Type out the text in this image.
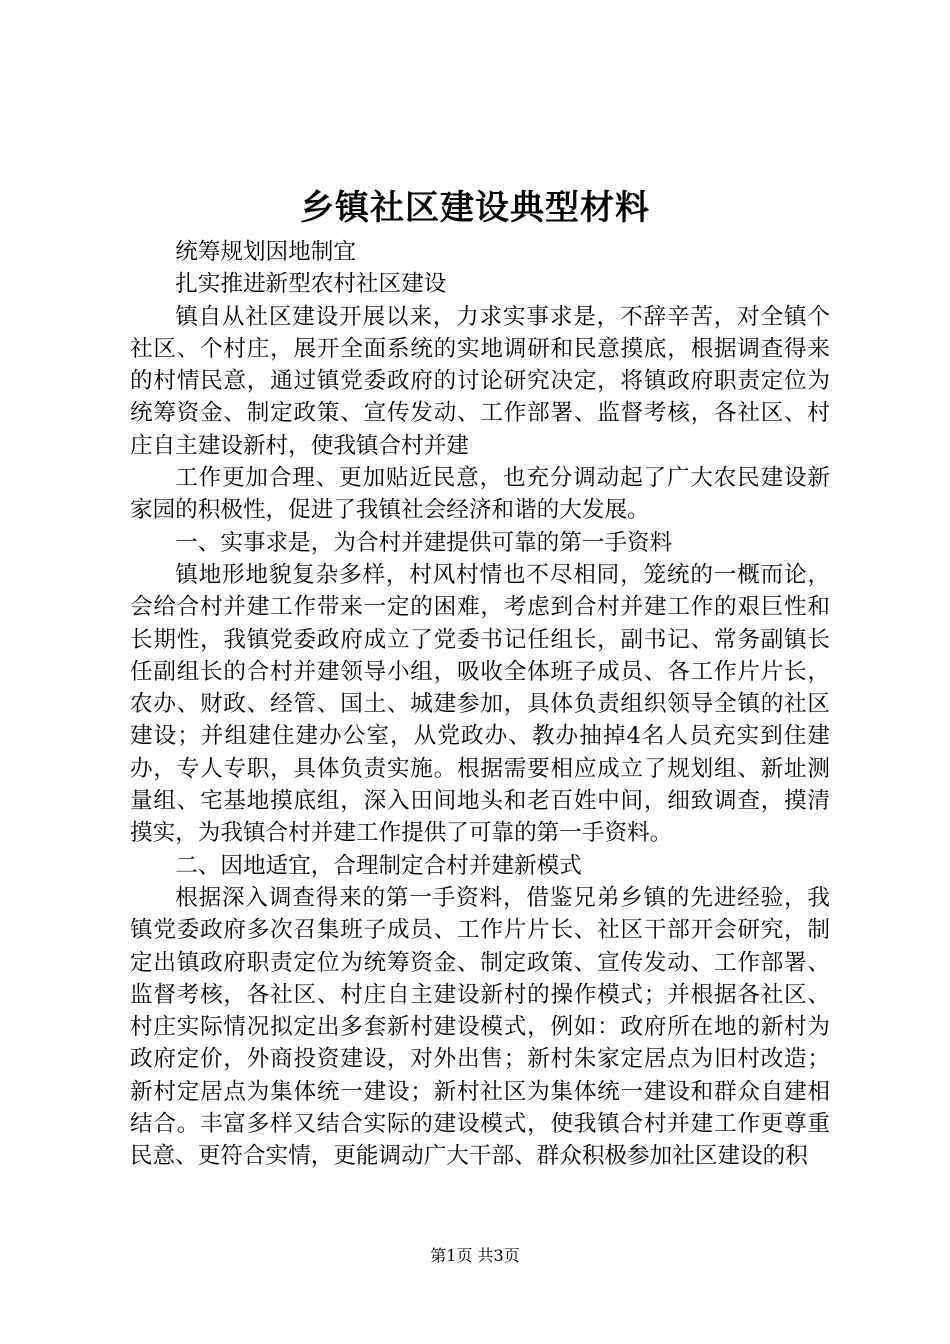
乡镇社区建设典型材料

统筹规划因地制宜

扎实推进新型农村社区建设

镇自从社区建设开展以来，力求实事求是，不辞辛苦，对全镇个社区、个村庄，展开全面系统的实地调研和民意摸底，根据调查得来的村情民意，通过镇党委政府的讨论研究决定，将镇政府职责定位为统筹资金、制定政策、宣传发动、工作部署、监督考核，各社区、村庄自主建设新村，使我镇合村并建

工作更加合理、更加贴近民意，也充分调动起了广大农民建设新家园的积极性，促进了我镇社会经济和谐的大发展。

一、实事求是，为合村并建提供可靠的第一手资料

镇地形地貌复杂多样，村风村情也不尽相同，笼统的一概而论，会给合村并建工作带来一定的困难，考虑到合村并建工作的艰巨性和长期性，我镇党委政府成立了党委书记任组长，副书记、常务副镇长任副组长的合村并建领导小组，吸收全体班子成员、各工作片片长，农办、财政、经管、国土、城建参加，具体负责组织领导全镇的社区建设；并组建住建办公室，从党政办、教办抽掉4名人员充实到住建办，专人专职，具体负责实施。根据需要相应成立了规划组、新址测量组、宅基地摸底组，深入田间地头和老百姓中间，细致调查，摸清摸实，为我镇合村并建工作提供了可靠的第一手资料。

二、因地适宜，合理制定合村并建新模式

根据深入调查得来的第一手资料，借鉴兄弟乡镇的先进经验，我镇党委政府多次召集班子成员、工作片片长、社区干部开会研究，制定出镇政府职责定位为统筹资金、制定政策、宣传发动、工作部署、监督考核，各社区、村庄自主建设新村的操作模式；并根据各社区、村庄实际情况拟定出多套新村建设模式，例如：政府所在地的新村为政府定价，外商投资建设，对外出售；新村朱家定居点为旧村改造；新村定居点为集体统一建设；新村社区为集体统一建设和群众自建相结合。丰富多样又结合实际的建设模式，使我镇合村并建工作更尊重民意、更符合实情，更能调动广大干部、群众积极参加社区建设的积

第1页 共3页
